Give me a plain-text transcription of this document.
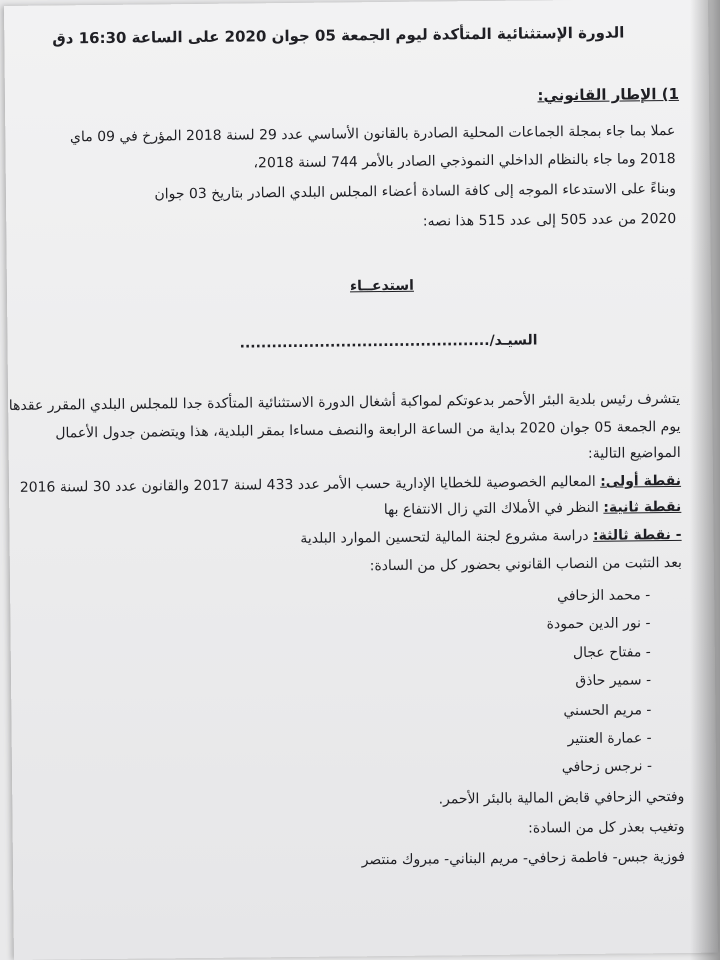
الدورة الإستثنائية المتأكدة ليوم الجمعة 05 جوان 2020 على الساعة 16:30 دق
1) الإطار القانوني:
عملا بما جاء بمجلة الجماعات المحلية الصادرة بالقانون الأساسي عدد 29 لسنة 2018 المؤرخ في 09 ماي
2018 وما جاء بالنظام الداخلي النموذجي الصادر بالأمر 744 لسنة 2018،
وبناءً على الاستدعاء الموجه إلى كافة السادة أعضاء المجلس البلدي الصادر بتاريخ 03 جوان
2020 من عدد 505 إلى عدد 515 هذا نصه:
استدعــاء
السيـد/...............................................
يتشرف رئيس بلدية البئر الأحمر بدعوتكم لمواكبة أشغال الدورة الاستثنائية المتأكدة جدا للمجلس البلدي المقرر عقدها
يوم الجمعة 05 جوان 2020 بداية من الساعة الرابعة والنصف مساءا بمقر البلدية، هذا ويتضمن جدول الأعمال
المواضيع التالية:
نقطة أولى: المعاليم الخصوصية للخطايا الإدارية حسب الأمر عدد 433 لسنة 2017 والقانون عدد 30 لسنة 2016
نقطة ثانية: النظر في الأملاك التي زال الانتفاع بها
- نقطة ثالثة: دراسة مشروع لجنة المالية لتحسين الموارد البلدية
بعد التثبت من النصاب القانوني بحضور كل من السادة:
- محمد الزحافي
- نور الدين حمودة
- مفتاح عجال
- سمير حاذق
- مريم الحسني
- عمارة العنتير
- نرجس زحافي
وفتحي الزحافي قابض المالية بالبئر الأحمر.
وتغيب بعذر كل من السادة:
فوزية جبس- فاطمة زحافي- مريم البناني- مبروك منتصر
